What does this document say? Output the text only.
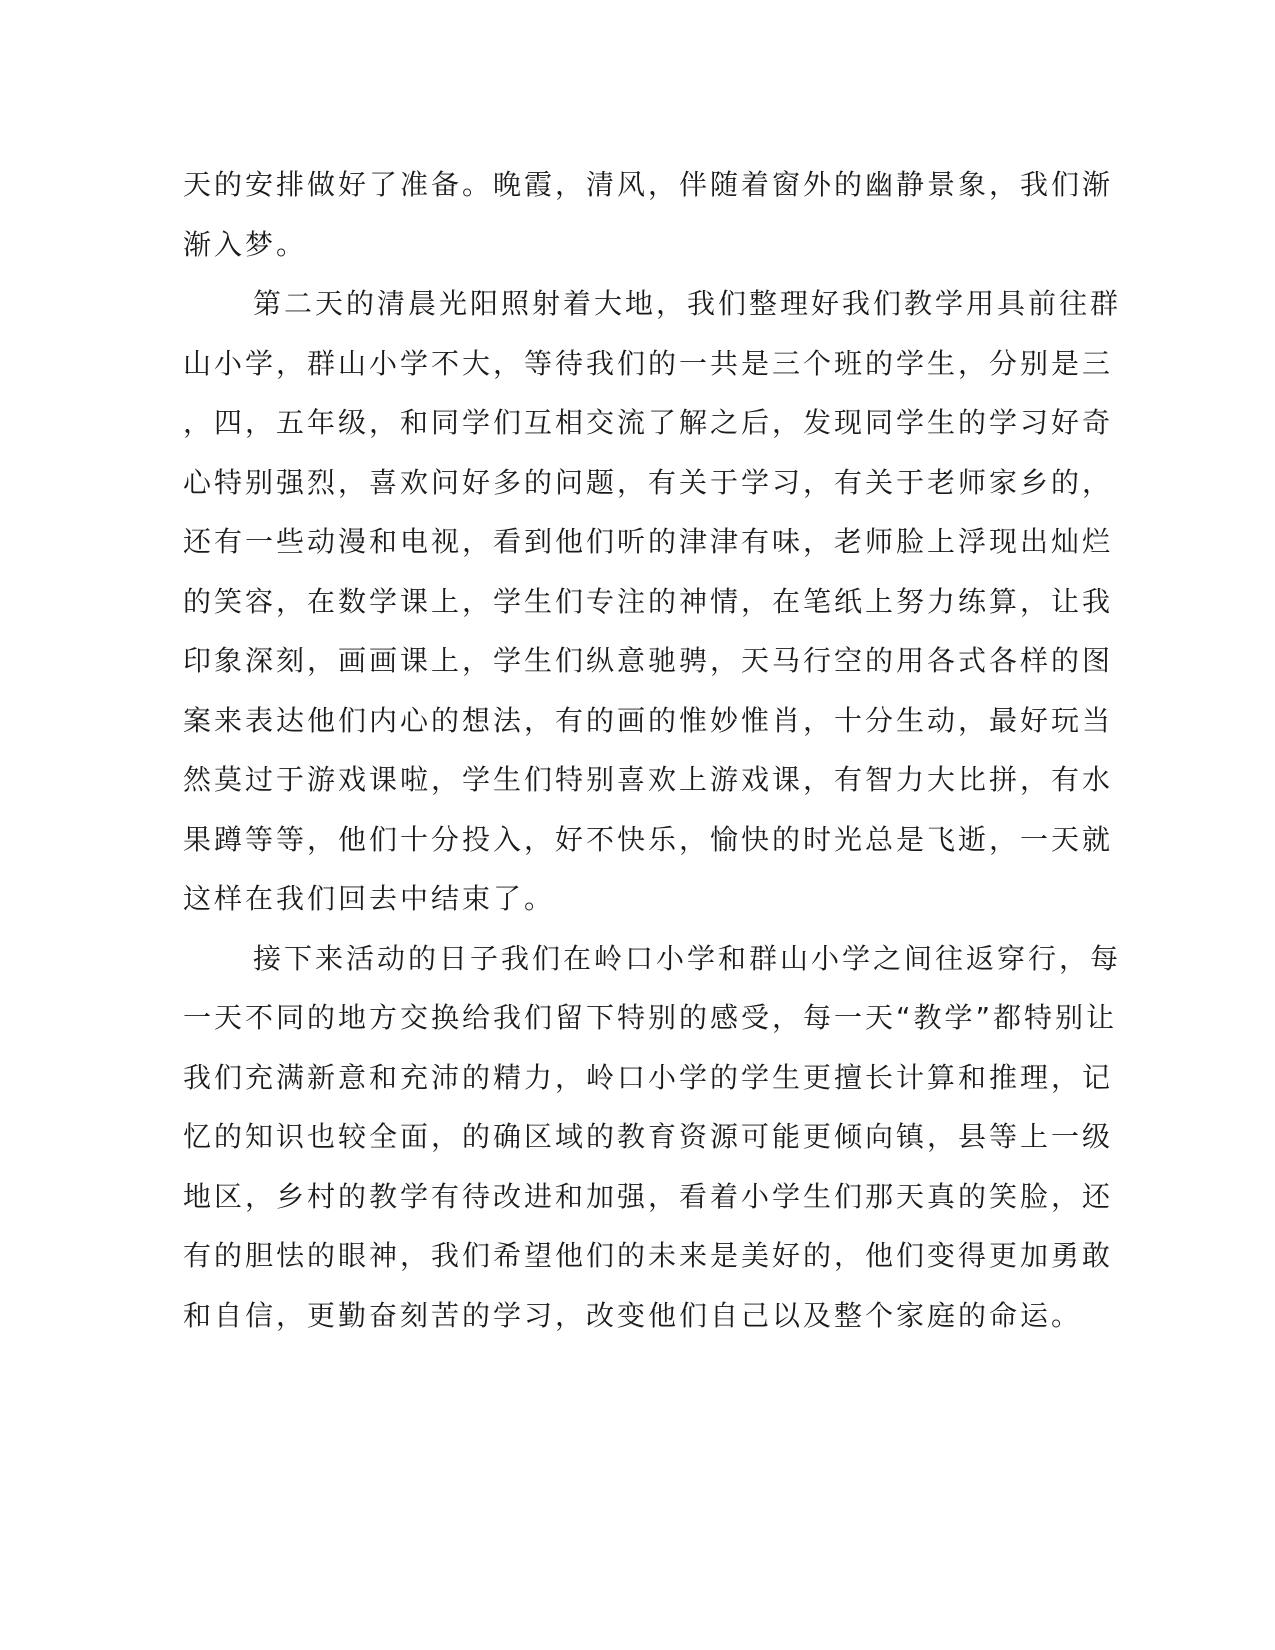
天的安排做好了准备。晚霞，清风，伴随着窗外的幽静景象，我们渐
渐入梦。
第二天的清晨光阳照射着大地，我们整理好我们教学用具前往群
山小学，群山小学不大，等待我们的一共是三个班的学生，分别是三
，四，五年级，和同学们互相交流了解之后，发现同学生的学习好奇
心特别强烈，喜欢问好多的问题，有关于学习，有关于老师家乡的，
还有一些动漫和电视，看到他们听的津津有味，老师脸上浮现出灿烂
的笑容，在数学课上，学生们专注的神情，在笔纸上努力练算，让我
印象深刻，画画课上，学生们纵意驰骋，天马行空的用各式各样的图
案来表达他们内心的想法，有的画的惟妙惟肖，十分生动，最好玩当
然莫过于游戏课啦，学生们特别喜欢上游戏课，有智力大比拼，有水
果蹲等等，他们十分投入，好不快乐，愉快的时光总是飞逝，一天就
这样在我们回去中结束了。
接下来活动的日子我们在岭口小学和群山小学之间往返穿行，每
一天不同的地方交换给我们留下特别的感受，每一天“教学”都特别让
我们充满新意和充沛的精力，岭口小学的学生更擅长计算和推理，记
忆的知识也较全面，的确区域的教育资源可能更倾向镇，县等上一级
地区，乡村的教学有待改进和加强，看着小学生们那天真的笑脸，还
有的胆怯的眼神，我们希望他们的未来是美好的，他们变得更加勇敢
和自信，更勤奋刻苦的学习，改变他们自己以及整个家庭的命运。
